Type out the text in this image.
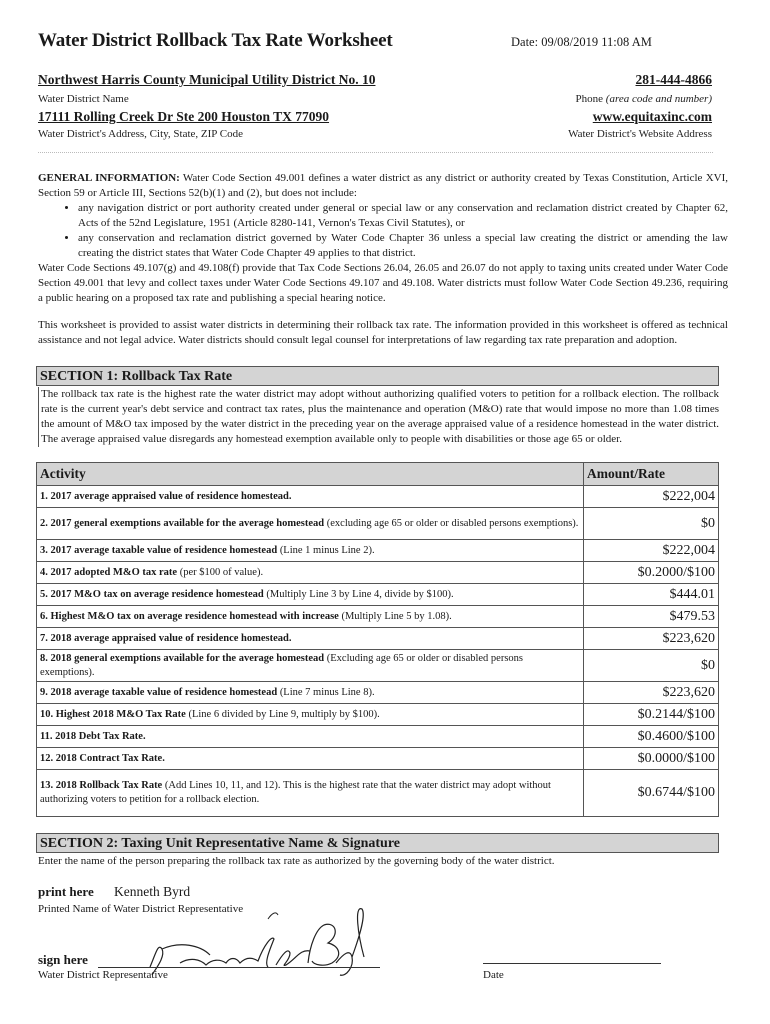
Water District Rollback Tax Rate Worksheet	Date: 09/08/2019 11:08 AM
Northwest Harris County Municipal Utility District No. 10	281-444-4866
Water District Name	Phone (area code and number)
17111 Rolling Creek Dr Ste 200 Houston TX 77090	www.equitaxinc.com
Water District's Address, City, State, ZIP Code	Water District's Website Address
GENERAL INFORMATION: Water Code Section 49.001 defines a water district as any district or authority created by Texas Constitution, Article XVI, Section 59 or Article III, Sections 52(b)(1) and (2), but does not include:
• any navigation district or port authority created under general or special law or any conservation and reclamation district created by Chapter 62, Acts of the 52nd Legislature, 1951 (Article 8280-141, Vernon's Texas Civil Statutes), or
• any conservation and reclamation district governed by Water Code Chapter 36 unless a special law creating the district or amending the law creating the district states that Water Code Chapter 49 applies to that district.
Water Code Sections 49.107(g) and 49.108(f) provide that Tax Code Sections 26.04, 26.05 and 26.07 do not apply to taxing units created under Water Code Section 49.001 that levy and collect taxes under Water Code Sections 49.107 and 49.108. Water districts must follow Water Code Section 49.236, requiring a public hearing on a proposed tax rate and publishing a special hearing notice.
This worksheet is provided to assist water districts in determining their rollback tax rate. The information provided in this worksheet is offered as technical assistance and not legal advice. Water districts should consult legal counsel for interpretations of law regarding tax rate preparation and adoption.
SECTION 1: Rollback Tax Rate
The rollback tax rate is the highest rate the water district may adopt without authorizing qualified voters to petition for a rollback election. The rollback rate is the current year's debt service and contract tax rates, plus the maintenance and operation (M&O) rate that would impose no more than 1.08 times the amount of M&O tax imposed by the water district in the preceding year on the average appraised value of a residence homestead in the water district. The average appraised value disregards any homestead exemption available only to people with disabilities or those age 65 or older.
Activity	Amount/Rate
1. 2017 average appraised value of residence homestead.	$222,004
2. 2017 general exemptions available for the average homestead (excluding age 65 or older or disabled persons exemptions).	$0
3. 2017 average taxable value of residence homestead (Line 1 minus Line 2).	$222,004
4. 2017 adopted M&O tax rate (per $100 of value).	$0.2000/$100
5. 2017 M&O tax on average residence homestead (Multiply Line 3 by Line 4, divide by $100).	$444.01
6. Highest M&O tax on average residence homestead with increase (Multiply Line 5 by 1.08).	$479.53
7. 2018 average appraised value of residence homestead.	$223,620
8. 2018 general exemptions available for the average homestead (Excluding age 65 or older or disabled persons exemptions).	$0
9. 2018 average taxable value of residence homestead (Line 7 minus Line 8).	$223,620
10. Highest 2018 M&O Tax Rate (Line 6 divided by Line 9, multiply by $100).	$0.2144/$100
11. 2018 Debt Tax Rate.	$0.4600/$100
12. 2018 Contract Tax Rate.	$0.0000/$100
13. 2018 Rollback Tax Rate (Add Lines 10, 11, and 12). This is the highest rate that the water district may adopt without authorizing voters to petition for a rollback election.	$0.6744/$100
SECTION 2: Taxing Unit Representative Name & Signature
Enter the name of the person preparing the rollback tax rate as authorized by the governing body of the water district.
print here Kenneth Byrd
Printed Name of Water District Representative
sign here
Water District Representative	Date
